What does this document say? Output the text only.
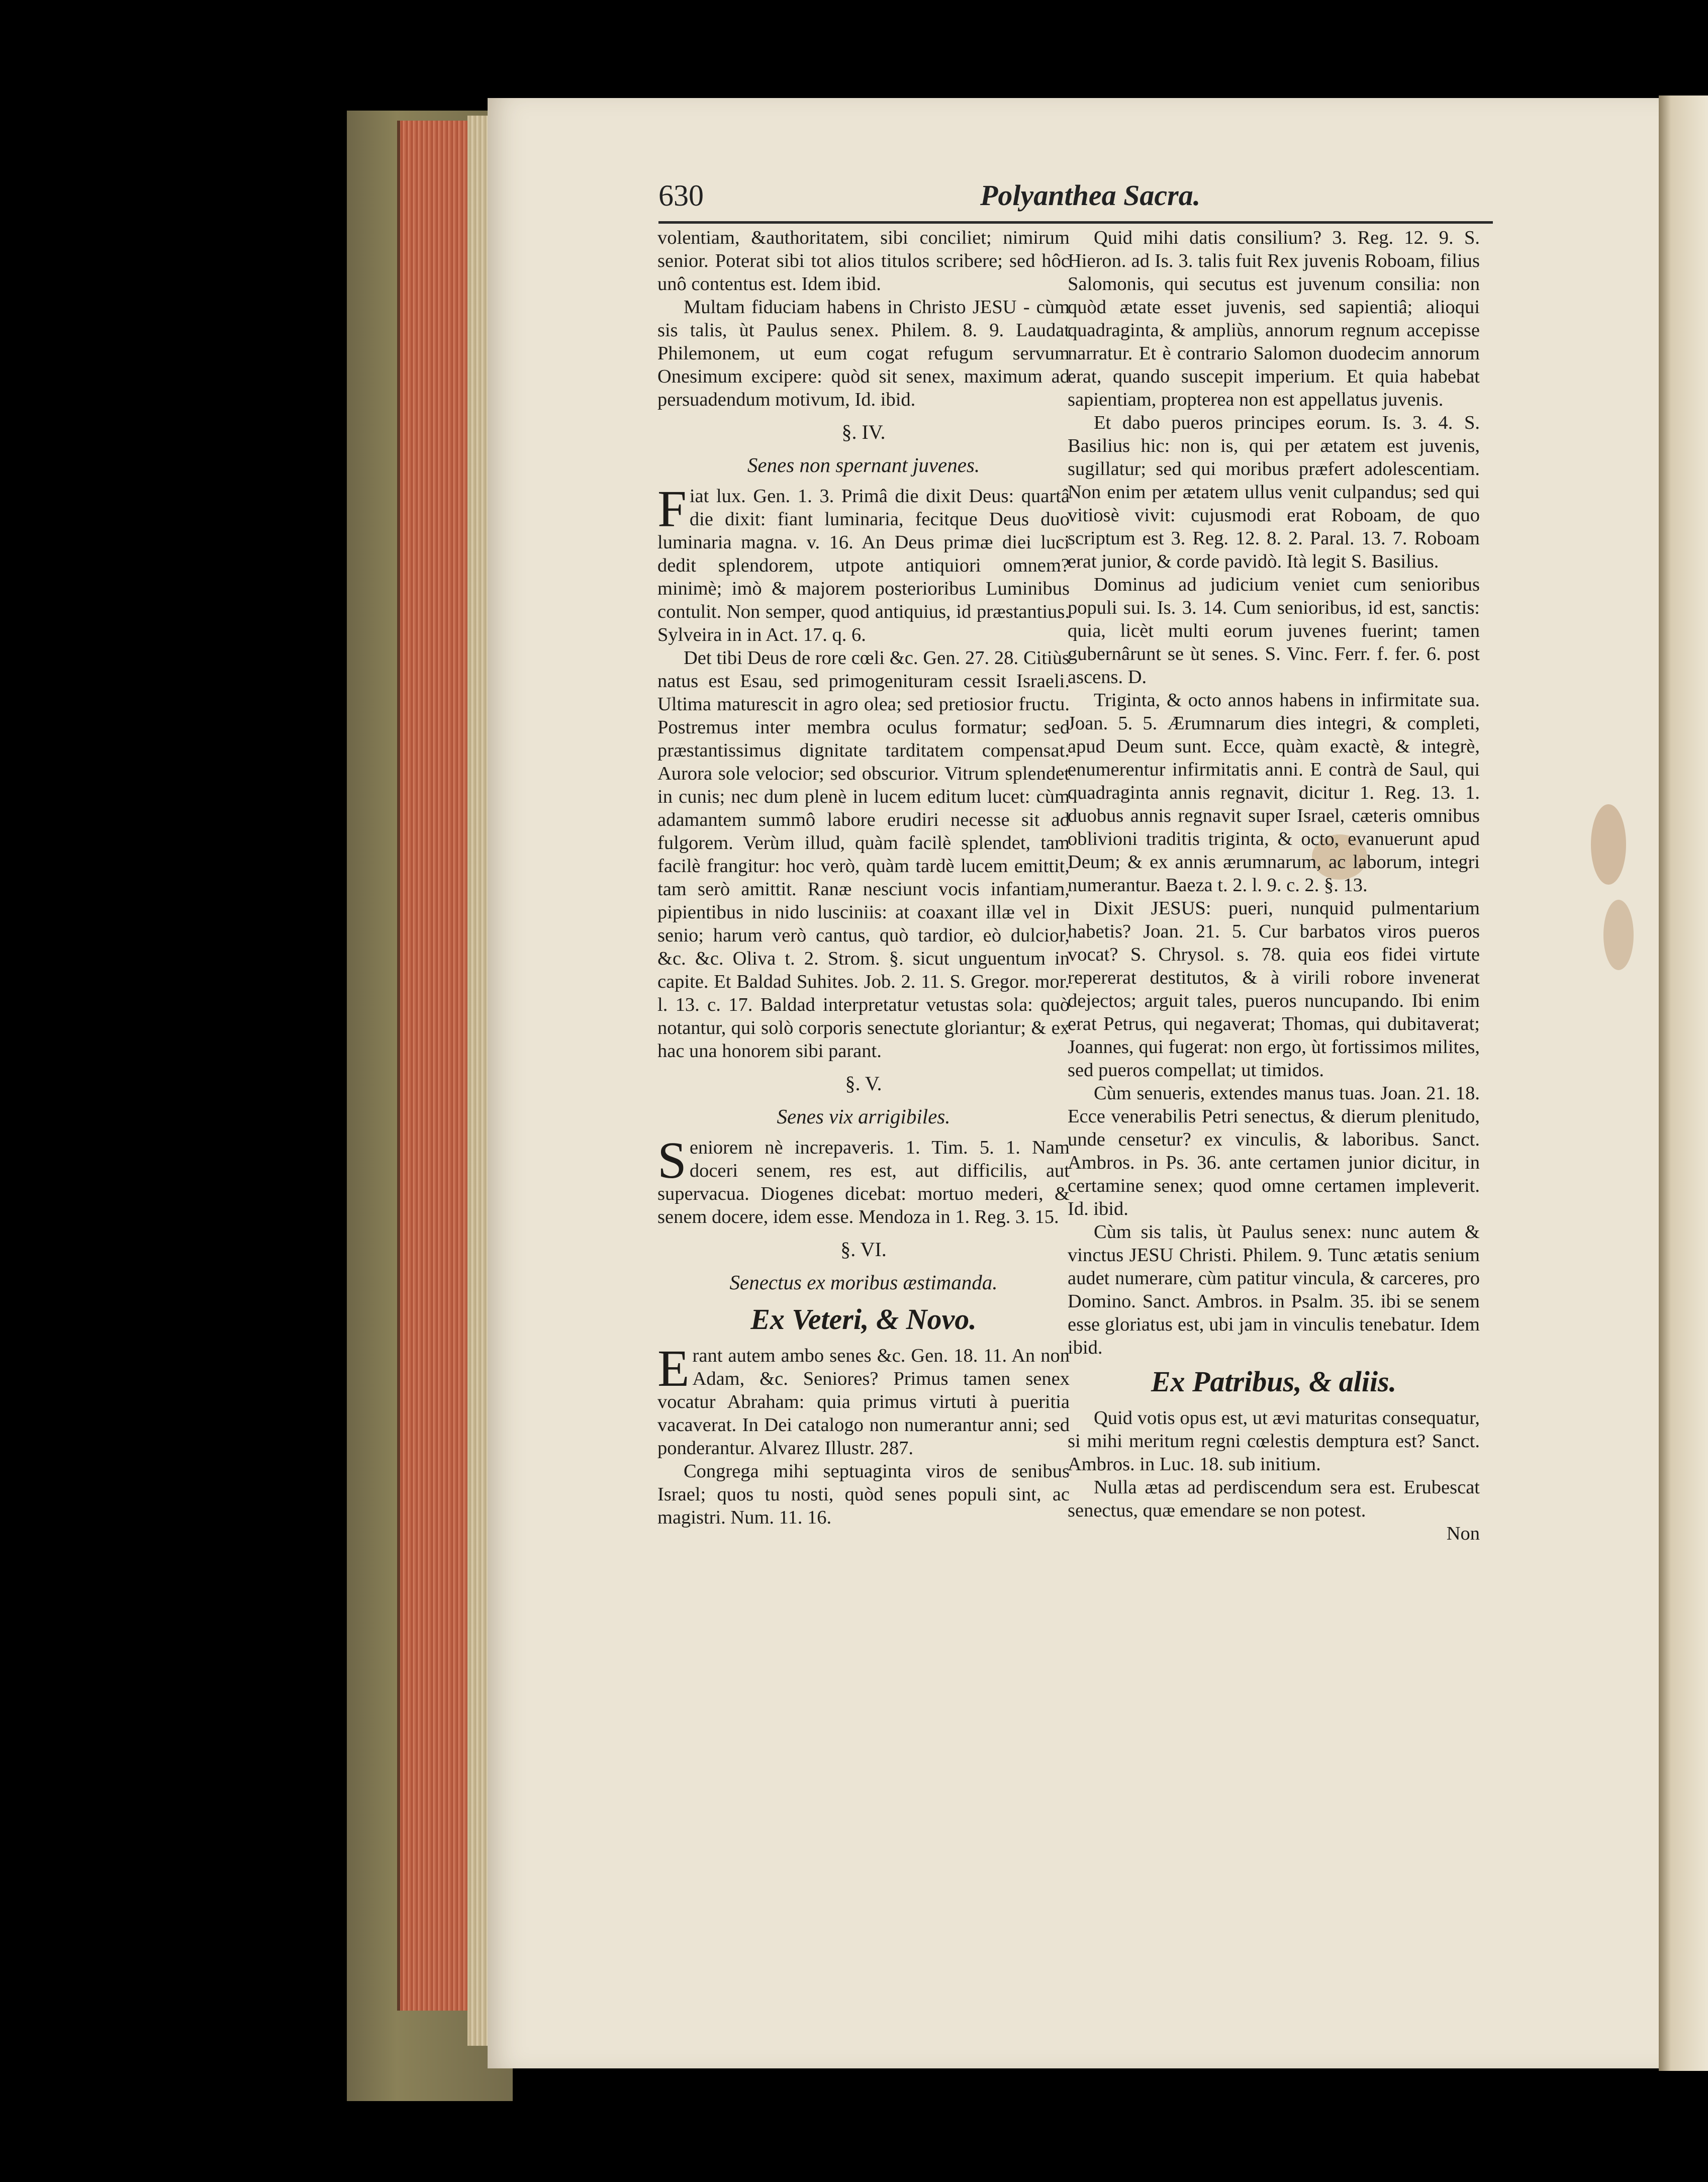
630	Polyanthea Sacra.

volentiam, &authoritatem, sibi conciliet; nimirum senior. Poterat sibi tot alios titulos scribere; sed hôc unô contentus est. Idem ibid.

Multam fiduciam habens in Christo JESU - cùm sis talis, ùt Paulus senex. Philem. 8. 9. Laudat Philemonem, ut eum cogat refugum servum Onesimum excipere: quòd sit senex, maximum ad persuadendum motivum, Id. ibid.

§. IV.
Senes non spernant juvenes.

Fiat lux. Gen. 1. 3. Primâ die dixit Deus: quartâ die dixit: fiant luminaria, fecitque Deus duo luminaria magna. v. 16. An Deus primæ diei luci dedit splendorem, utpote antiquiori omnem? minimè; imò & majorem posterioribus Luminibus contulit. Non semper, quod antiquius, id præstantius. Sylveira in in Act. 17. q. 6.

Det tibi Deus de rore cœli &c. Gen. 27. 28. Citiùs natus est Esau, sed primogenituram cessit Israeli. Ultima maturescit in agro olea; sed pretiosior fructu. Postremus inter membra oculus formatur; sed præstantissimus dignitate tarditatem compensat. Aurora sole velocior; sed obscurior. Vitrum splendet in cunis; nec dum plenè in lucem editum lucet: cùm adamantem summô labore erudiri necesse sit ad fulgorem. Verùm illud, quàm facilè splendet, tam facilè frangitur: hoc verò, quàm tardè lucem emittit, tam serò amittit. Ranæ nesciunt vocis infantiam, pipientibus in nido lusciniis: at coaxant illæ vel in senio; harum verò cantus, quò tardior, eò dulcior, &c. &c. Oliva t. 2. Strom. §. sicut unguentum in capite. Et Baldad Suhites. Job. 2. 11. S. Gregor. mor. l. 13. c. 17. Baldad interpretatur vetustas sola: quò notantur, qui solò corporis senectute gloriantur; & ex hac una honorem sibi parant.

§. V.
Senes vix arrigibiles.

Seniorem nè increpaveris. 1. Tim. 5. 1. Nam doceri senem, res est, aut difficilis, aut supervacua. Diogenes dicebat: mortuo mederi, & senem docere, idem esse. Mendoza in 1. Reg. 3. 15.

§. VI.
Senectus ex moribus æstimanda.
Ex Veteri, & Novo.

Erant autem ambo senes &c. Gen. 18. 11. An non Adam, &c. Seniores? Primus tamen senex vocatur Abraham: quia primus virtuti à pueritia vacaverat. In Dei catalogo non numerantur anni; sed ponderantur. Alvarez Illustr. 287.

Congrega mihi septuaginta viros de senibus Israel; quos tu nosti, quòd senes populi sint, ac magistri. Num. 11. 16.

Quid mihi datis consilium? 3. Reg. 12. 9. S. Hieron. ad Is. 3. talis fuit Rex juvenis Roboam, filius Salomonis, qui secutus est juvenum consilia: non quòd ætate esset juvenis, sed sapientiâ; alioqui quadraginta, & ampliùs, annorum regnum accepisse narratur. Et è contrario Salomon duodecim annorum erat, quando suscepit imperium. Et quia habebat sapientiam, propterea non est appellatus juvenis.

Et dabo pueros principes eorum. Is. 3. 4. S. Basilius hic: non is, qui per ætatem est juvenis, sugillatur; sed qui moribus præfert adolescentiam. Non enim per ætatem ullus venit culpandus; sed qui vitiosè vivit: cujusmodi erat Roboam, de quo scriptum est 3. Reg. 12. 8. 2. Paral. 13. 7. Roboam erat junior, & corde pavidò. Ità legit S. Basilius.

Dominus ad judicium veniet cum senioribus populi sui. Is. 3. 14. Cum senioribus, id est, sanctis: quia, licèt multi eorum juvenes fuerint; tamen gubernârunt se ùt senes. S. Vinc. Ferr. f. fer. 6. post ascens. D.

Triginta, & octo annos habens in infirmitate sua. Joan. 5. 5. Ærumnarum dies integri, & completi, apud Deum sunt. Ecce, quàm exactè, & integrè, enumerentur infirmitatis anni. E contrà de Saul, qui quadraginta annis regnavit, dicitur 1. Reg. 13. 1. duobus annis regnavit super Israel, cæteris omnibus oblivioni traditis triginta, & octo, evanuerunt apud Deum; & ex annis ærumnarum, ac laborum, integri numerantur. Baeza t. 2. l. 9. c. 2. §. 13.

Dixit JESUS: pueri, nunquid pulmentarium habetis? Joan. 21. 5. Cur barbatos viros pueros vocat? S. Chrysol. s. 78. quia eos fidei virtute repererat destitutos, & à virili robore invenerat dejectos; arguit tales, pueros nuncupando. Ibi enim erat Petrus, qui negaverat; Thomas, qui dubitaverat; Joannes, qui fugerat: non ergo, ùt fortissimos milites, sed pueros compellat; ut timidos.

Cùm senueris, extendes manus tuas. Joan. 21. 18. Ecce venerabilis Petri senectus, & dierum plenitudo, unde censetur? ex vinculis, & laboribus. Sanct. Ambros. in Ps. 36. ante certamen junior dicitur, in certamine senex; quod omne certamen impleverit. Id. ibid.

Cùm sis talis, ùt Paulus senex: nunc autem & vinctus JESU Christi. Philem. 9. Tunc ætatis senium audet numerare, cùm patitur vincula, & carceres, pro Domino. Sanct. Ambros. in Psalm. 35. ibi se senem esse gloriatus est, ubi jam in vinculis tenebatur. Idem ibid.

Ex Patribus, & aliis.

Quid votis opus est, ut ævi maturitas consequatur, si mihi meritum regni cœlestis dempturа est? Sanct. Ambros. in Luc. 18. sub initium.

Nulla ætas ad perdiscendum sera est. Erubescat senectus, quæ emendare se non potest.

Non
